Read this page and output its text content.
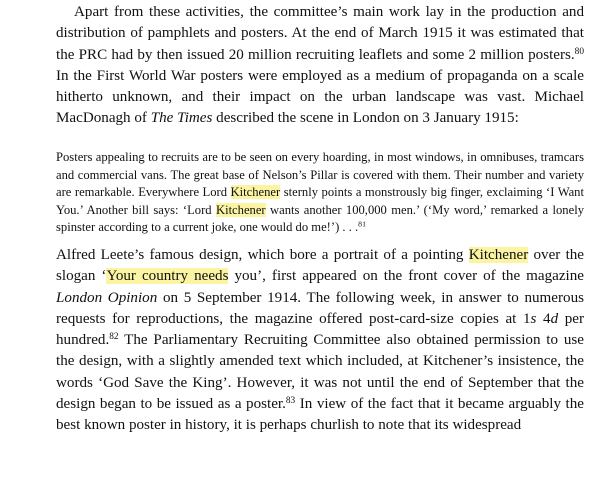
Apart from these activities, the committee’s main work lay in the production and distribution of pamphlets and posters. At the end of March 1915 it was estimated that the PRC had by then issued 20 million recruiting leaflets and some 2 million posters.$^{80}$ In the First World War posters were employed as a medium of propaganda on a scale hitherto unknown, and their impact on the urban landscape was vast. Michael MacDonagh of The Times described the scene in London on 3 January 1915:

Posters appealing to recruits are to be seen on every hoarding, in most windows, in omnibuses, tramcars and commercial vans. The great base of Nelson’s Pillar is covered with them. Their number and variety are remarkable. Everywhere Lord Kitchener sternly points a monstrously big finger, exclaiming ‘I Want You.’ Another bill says: ‘Lord Kitchener wants another 100,000 men.’ (‘My word,’ remarked a lonely spinster according to a current joke, one would do me!’) . . .$^{81}$

Alfred Leete’s famous design, which bore a portrait of a pointing Kitchener over the slogan ‘Your country needs you’, first appeared on the front cover of the magazine London Opinion on 5 September 1914. The following week, in answer to numerous requests for reproductions, the magazine offered post-card-size copies at 1s 4d per hundred.$^{82}$ The Parliamentary Recruiting Committee also obtained permission to use the design, with a slightly amended text which included, at Kitchener’s insistence, the words ‘God Save the King’. However, it was not until the end of September that the design began to be issued as a poster.$^{83}$ In view of the fact that it became arguably the best known poster in history, it is perhaps churlish to note that its widespread
